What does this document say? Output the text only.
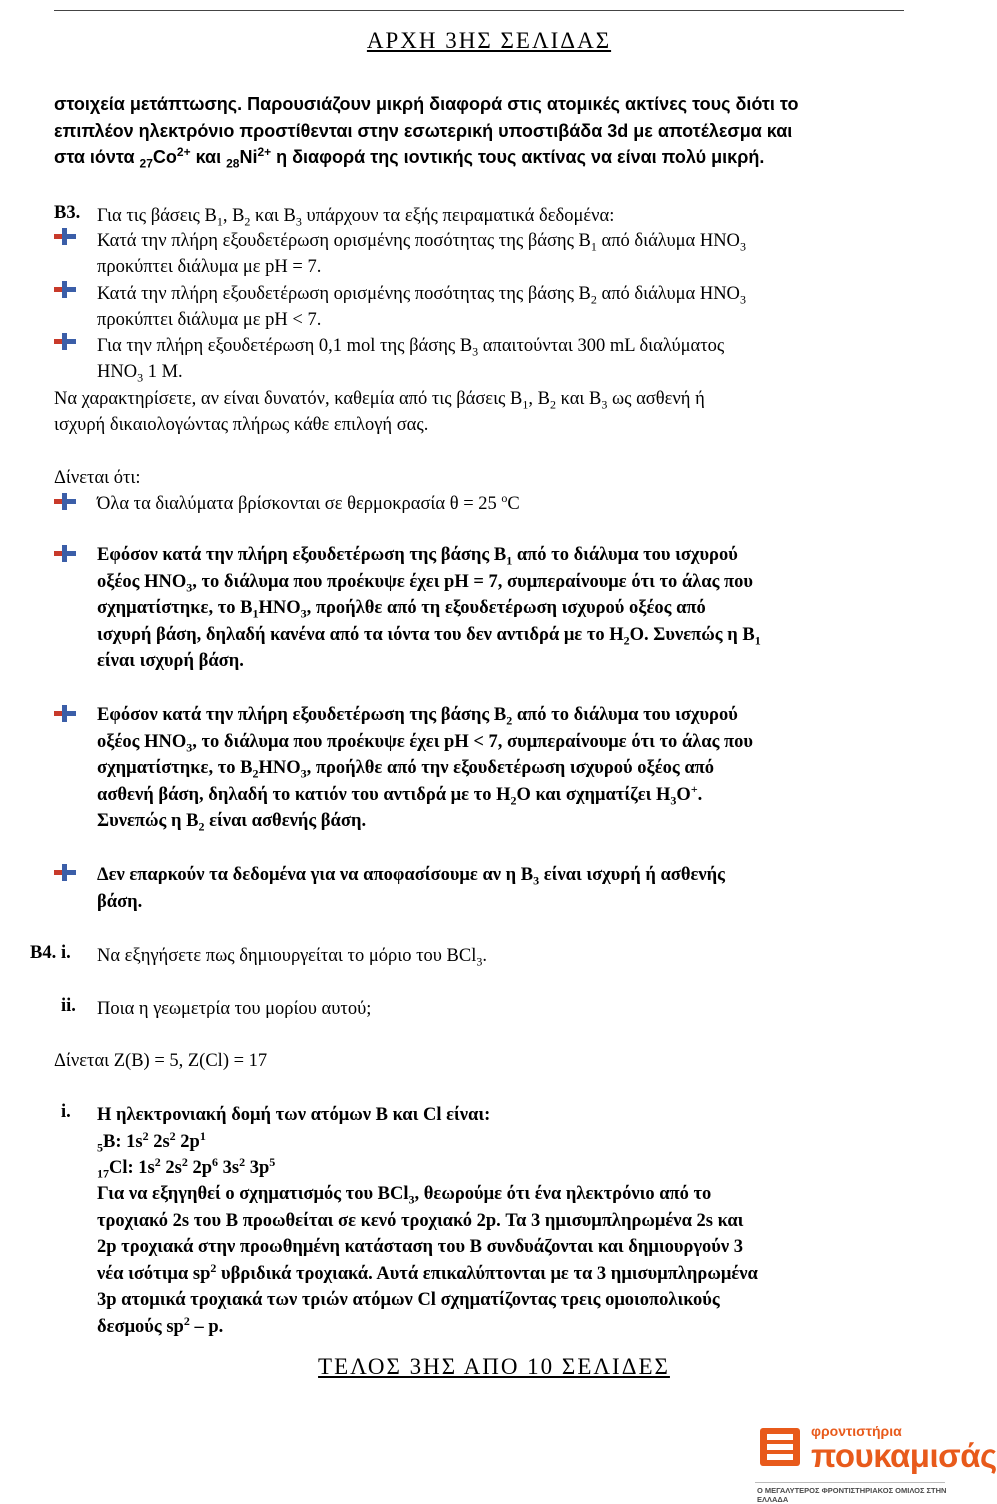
ΑΡΧΗ 3ΗΣ ΣΕΛΙΔΑΣ

στοιχεία μετάπτωσης. Παρουσιάζουν μικρή διαφορά στις ατομικές ακτίνες τους διότι το

επιπλέον ηλεκτρόνιο προστίθενται στην εσωτερική υποστιβάδα 3d με αποτέλεσμα και

στα ιόντα $_{27}Co^{2+}$ και $_{28}Ni^{2+}$ η διαφορά της ιοντικής τους ακτίνας να είναι πολύ μικρή.

Β3. Για τις βάσεις $B_1$, $B_2$ και $B_3$ υπάρχουν τα εξής πειραματικά δεδομένα:
Κατά την πλήρη εξουδετέρωση ορισμένης ποσότητας της βάσης $B_1$ από διάλυμα $HNO_3$
προκύπτει διάλυμα με pH = 7.
Κατά την πλήρη εξουδετέρωση ορισμένης ποσότητας της βάσης $B_2$ από διάλυμα $HNO_3$
προκύπτει διάλυμα με pH < 7.
Για την πλήρη εξουδετέρωση 0,1 mol της βάσης $B_3$ απαιτούνται 300 mL διαλύματος
$HNO_3$ 1 M.
Να χαρακτηρίσετε, αν είναι δυνατόν, καθεμία από τις βάσεις $B_1$, $B_2$ και $B_3$ ως ασθενή ή
ισχυρή δικαιολογώντας πλήρως κάθε επιλογή σας.
Δίνεται ότι:
Όλα τα διαλύματα βρίσκονται σε θερμοκρασία θ = 25 $^o$C
Εφόσον κατά την πλήρη εξουδετέρωση της βάσης $B_1$ από το διάλυμα του ισχυρού
οξέος $HNO_3$, το διάλυμα που προέκυψε έχει pH = 7, συμπεραίνουμε ότι το άλας που
σχηματίστηκε, το $B_1HNO_3$, προήλθε από τη εξουδετέρωση ισχυρού οξέος από
ισχυρή βάση, δηλαδή κανένα από τα ιόντα του δεν αντιδρά με το $H_2O$. Συνεπώς η $B_1$
είναι ισχυρή βάση.
Εφόσον κατά την πλήρη εξουδετέρωση της βάσης $B_2$ από το διάλυμα του ισχυρού
οξέος $HNO_3$, το διάλυμα που προέκυψε έχει pH < 7, συμπεραίνουμε ότι το άλας που
σχηματίστηκε, το $B_2HNO_3$, προήλθε από την εξουδετέρωση ισχυρού οξέος από
ασθενή βάση, δηλαδή το κατιόν του αντιδρά με το $H_2O$ και σχηματίζει $H_3O^+$.
Συνεπώς η $B_2$ είναι ασθενής βάση.
Δεν επαρκούν τα δεδομένα για να αποφασίσουμε αν η $B_3$ είναι ισχυρή ή ασθενής
βάση.
Β4. i. Να εξηγήσετε πως δημιουργείται το μόριο του BCl$_3$.
ii. Ποια η γεωμετρία του μορίου αυτού;
Δίνεται Z(B) = 5, Z(Cl) = 17
i. Η ηλεκτρονιακή δομή των ατόμων Β και Cl είναι:
$_5$B: $1s^2$ $2s^2$ $2p^1$
$_{17}$Cl: $1s^2$ $2s^2$ $2p^6$ $3s^2$ $3p^5$
Για να εξηγηθεί ο σχηματισμός του BCl$_3$, θεωρούμε ότι ένα ηλεκτρόνιο από το
τροχιακό 2s του B προωθείται σε κενό τροχιακό 2p. Τα 3 ημισυμπληρωμένα 2s και
2p τροχιακά στην προωθημένη κατάσταση του B συνδυάζονται και δημιουργούν 3
νέα ισότιμα $sp^2$ υβριδικά τροχιακά. Αυτά επικαλύπτονται με τα 3 ημισυμπληρωμένα
3p ατομικά τροχιακά των τριών ατόμων Cl σχηματίζοντας τρεις ομοιοπολικούς
δεσμούς $sp^2$ – p.
ΤΕΛΟΣ 3ΗΣ ΑΠΟ 10 ΣΕΛΙΔΕΣ
φροντιστήρια
πουκαμισάς
Ο ΜΕΓΑΛΥΤΕΡΟΣ ΦΡΟΝΤΙΣΤΗΡΙΑΚΟΣ ΟΜΙΛΟΣ ΣΤΗΝ ΕΛΛΑΔΑ
